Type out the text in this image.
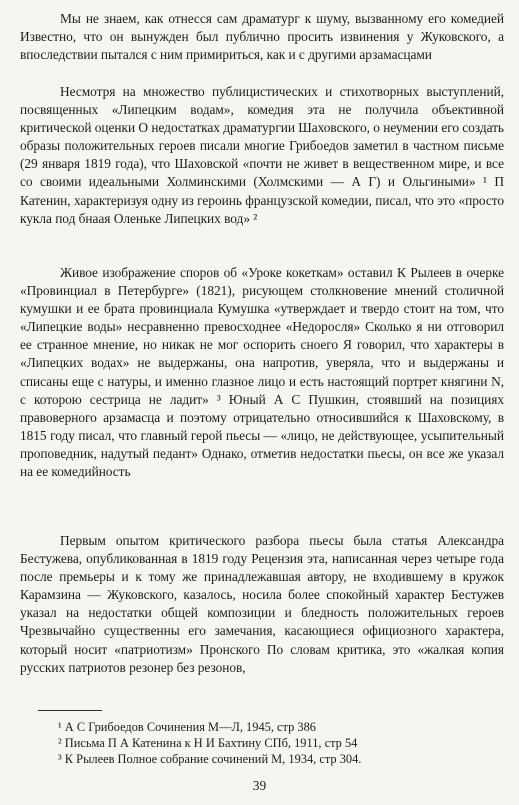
Мы не знаем, как отнесся сам драматург к шуму, вызванному его комедией Известно, что он вынужден был публично просить извинения у Жуковского, а впоследствии пытался с ним примириться, как и с другими арзамасцами

Несмотря на множество публицистических и стихотворных выступлений, посвященных «Липецким водам», комедия эта не получила объективной критической оценки О недостатках драматургии Шаховского, о неумении его создать образы положительных героев писали многие Грибоедов заметил в частном письме (29 января 1819 года), что Шаховской «почти не живет в вещественном мире, и все со своими идеальными Холминскими (Холмскими — А Г) и Ольгиными» ¹ П Катенин, характеризуя одну из героинь французской комедии, писал, что это «просто кукла под бнаая Оленьке Липецких вод» ²

Живое изображение споров об «Уроке кокеткам» оставил К Рылеев в очерке «Провинциал в Петербурге» (1821), рисующем столкновение мнений столичной кумушки и ее брата провинциала Кумушка «утверждает и твердо стоит на том, что «Липецкие воды» несравненно превосходнее «Недоросля» Сколько я ни отговорил ее странное мнение, но никак не мог оспорить сноего Я говорил, что характеры в «Липецких водах» не выдержаны, она напротив, уверяла, что и выдержаны и списаны еще с натуры, и именно глазное лицо и есть настоящий портрет княгини N, с которою сестрица не ладит» ³ Юный А С Пушкин, стоявший на позициях правоверного арзамасца и поэтому отрицательно относившийся к Шаховскому, в 1815 году писал, что главный герой пьесы — «лицо, не действующее, усыпительный проповедник, надутый педант» Однако, отметив недостатки пьесы, он все же указал на ее комедийность

Первым опытом критического разбора пьесы была статья Александра Бестужева, опубликованная в 1819 году Рецензия эта, написанная через четыре года после премьеры и к тому же принадлежавшая автору, не входившему в кружок Карамзина — Жуковского, казалось, носила более спокойный характер Бестужев указал на недостатки общей композиции и бледность положительных героев Чрезвычайно существенны его замечания, касающиеся официозного характера, который носит «патриотизм» Пронского По словам критика, это «жалкая копия русских патриотов резонер без резонов,

¹ А С Грибоедов Сочинения М—Л, 1945, стр 386
² Письма П А Катенина к Н И Бахтину СПб, 1911, стр 54
³ К Рылеев Полное собрание сочинений М, 1934, стр 304.
39
